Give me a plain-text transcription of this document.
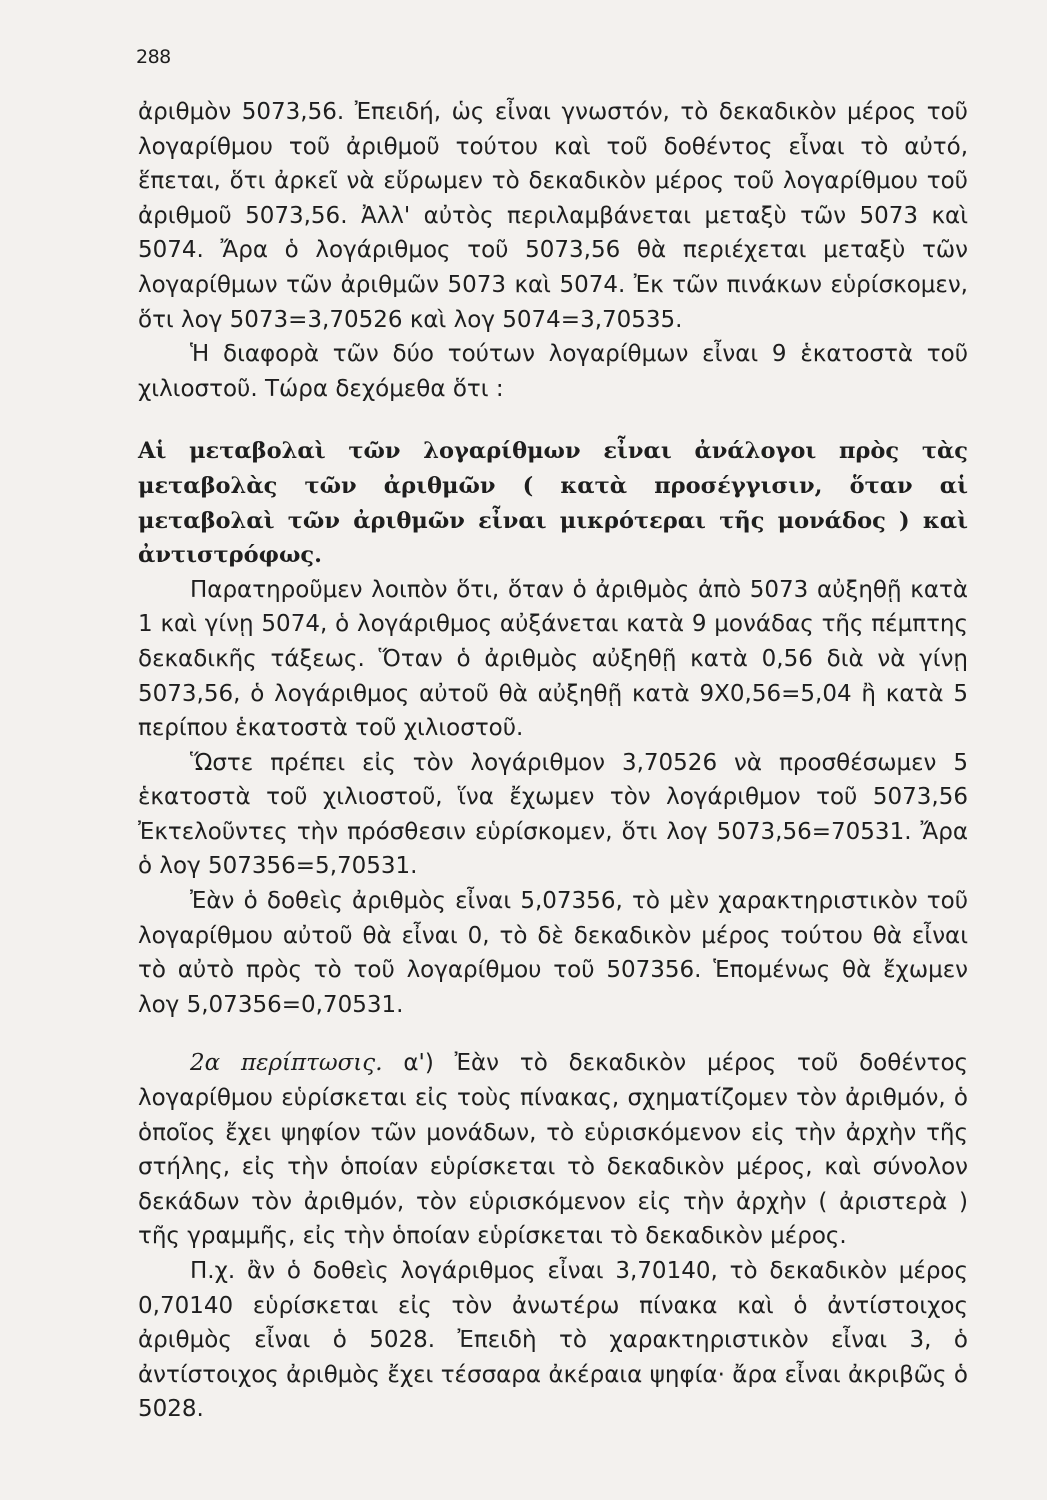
288

ἀριθμὸν 5073,56. Ἐπειδή, ὡς εἶναι γνωστόν, τὸ δεκαδικὸν μέρος τοῦ λογαρίθμου τοῦ ἀριθμοῦ τούτου καὶ τοῦ δοθέντος εἶναι τὸ αὐτό, ἕπεται, ὅτι ἀρκεῖ νὰ εὕρωμεν τὸ δεκαδικὸν μέρος τοῦ λογαρίθμου τοῦ ἀριθμοῦ 5073,56. Ἀλλ' αὐτὸς περιλαμβάνεται μεταξὺ τῶν 5073 καὶ 5074. Ἄρα ὁ λογάριθμος τοῦ 5073,56 θὰ περιέχεται μεταξὺ τῶν λογαρίθμων τῶν ἀριθμῶν 5073 καὶ 5074. Ἐκ τῶν πινάκων εὑρίσκομεν, ὅτι λογ 5073=3,70526 καὶ λογ 5074=3,70535.

Ἡ διαφορὰ τῶν δύο τούτων λογαρίθμων εἶναι 9 ἑκατοστὰ τοῦ χιλιοστοῦ. Τώρα δεχόμεθα ὅτι :

Αἱ μεταβολαὶ τῶν λογαρίθμων εἶναι ἀνάλογοι πρὸς τὰς μεταβολὰς τῶν ἀριθμῶν ( κατὰ προσέγγισιν, ὅταν αἱ μεταβολαὶ τῶν ἀριθμῶν εἶναι μικρότεραι τῆς μονάδος ) καὶ ἀντιστρόφως.

Παρατηροῦμεν λοιπὸν ὅτι, ὅταν ὁ ἀριθμὸς ἀπὸ 5073 αὐξηθῇ κατὰ 1 καὶ γίνῃ 5074, ὁ λογάριθμος αὐξάνεται κατὰ 9 μονάδας τῆς πέμπτης δεκαδικῆς τάξεως. Ὅταν ὁ ἀριθμὸς αὐξηθῇ κατὰ 0,56 διὰ νὰ γίνῃ 5073,56, ὁ λογάριθμος αὐτοῦ θὰ αὐξηθῇ κατὰ 9Χ0,56=5,04 ἢ κατὰ 5 περίπου ἑκατοστὰ τοῦ χιλιοστοῦ.

Ὥστε πρέπει εἰς τὸν λογάριθμον 3,70526 νὰ προσθέσωμεν 5 ἑκατοστὰ τοῦ χιλιοστοῦ, ἵνα ἔχωμεν τὸν λογάριθμον τοῦ 5073,56 Ἐκτελοῦντες τὴν πρόσθεσιν εὑρίσκομεν, ὅτι λογ 5073,56=70531. Ἄρα ὁ λογ 507356=5,70531.

Ἐὰν ὁ δοθεὶς ἀριθμὸς εἶναι 5,07356, τὸ μὲν χαρακτηριστικὸν τοῦ λογαρίθμου αὐτοῦ θὰ εἶναι 0, τὸ δὲ δεκαδικὸν μέρος τούτου θὰ εἶναι τὸ αὐτὸ πρὸς τὸ τοῦ λογαρίθμου τοῦ 507356. Ἑπομένως θὰ ἔχωμεν λογ 5,07356=0,70531.

2α περίπτωσις. α') Ἐὰν τὸ δεκαδικὸν μέρος τοῦ δοθέντος λογαρίθμου εὑρίσκεται εἰς τοὺς πίνακας, σχηματίζομεν τὸν ἀριθμόν, ὁ ὁποῖος ἔχει ψηφίον τῶν μονάδων, τὸ εὑρισκόμενον εἰς τὴν ἀρχὴν τῆς στήλης, εἰς τὴν ὁποίαν εὑρίσκεται τὸ δεκαδικὸν μέρος, καὶ σύνολον δεκάδων τὸν ἀριθμόν, τὸν εὑρισκόμενον εἰς τὴν ἀρχὴν ( ἀριστερὰ ) τῆς γραμμῆς, εἰς τὴν ὁποίαν εὑρίσκεται τὸ δεκαδικὸν μέρος.

Π.χ. ἂν ὁ δοθεὶς λογάριθμος εἶναι 3,70140, τὸ δεκαδικὸν μέρος 0,70140 εὑρίσκεται εἰς τὸν ἀνωτέρω πίνακα καὶ ὁ ἀντίστοιχος ἀριθμὸς εἶναι ὁ 5028. Ἐπειδὴ τὸ χαρακτηριστικὸν εἶναι 3, ὁ ἀντίστοιχος ἀριθμὸς ἔχει τέσσαρα ἀκέραια ψηφία· ἄρα εἶναι ἀκριβῶς ὁ 5028.
